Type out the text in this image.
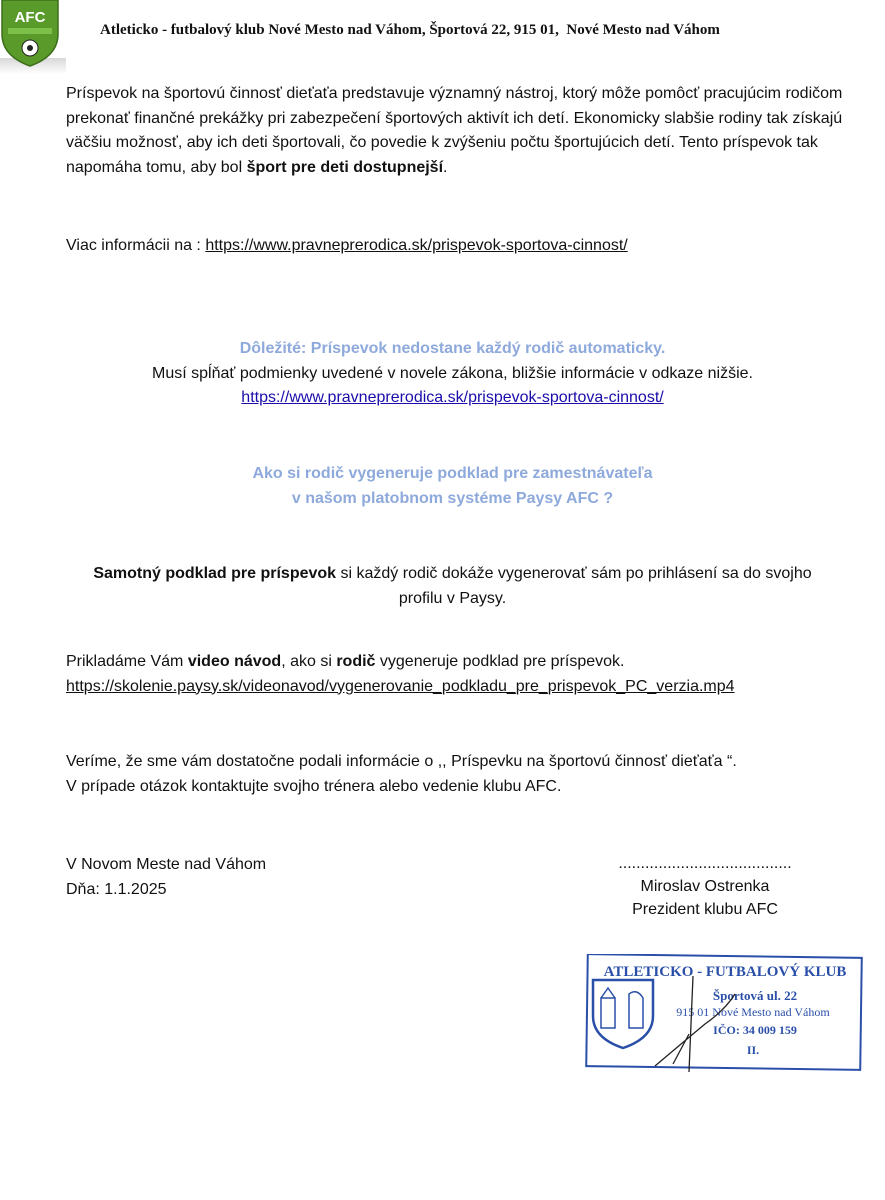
AFC
Atleticko - futbalový klub Nové Mesto nad Váhom, Športová 22, 915 01,  Nové Mesto nad Váhom
Príspevok na športovú činnosť dieťaťa predstavuje významný nástroj, ktorý môže pomôcť pracujúcim rodičom prekonať finančné prekážky pri zabezpečení športových aktivít ich detí. Ekonomicky slabšie rodiny tak získajú väčšiu možnosť, aby ich deti športovali, čo povedie k zvýšeniu počtu športujúcich detí. Tento príspevok tak napomáha tomu, aby bol šport pre deti dostupnejší.
Viac informácii na : https://www.pravneprerodica.sk/prispevok-sportova-cinnost/
Dôležité: Príspevok nedostane každý rodič automaticky.
Musí spĺňať podmienky uvedené v novele zákona, bližšie informácie v odkaze nižšie.
https://www.pravneprerodica.sk/prispevok-sportova-cinnost/
Ako si rodič vygeneruje podklad pre zamestnávateľa
v našom platobnom systéme Paysy AFC ?
Samotný podklad pre príspevok si každý rodič dokáže vygenerovať sám po prihlásení sa do svojho profilu v Paysy.
Prikladáme Vám video návod, ako si rodič vygeneruje podklad pre príspevok.
https://skolenie.paysy.sk/videonavod/vygenerovanie_podkladu_pre_prispevok_PC_verzia.mp4
Veríme, že sme vám dostatočne podali informácie o ,, Príspevku na športovú činnosť dieťaťa “.
V prípade otázok kontaktujte svojho trénera alebo vedenie klubu AFC.
V Novom Meste nad Váhom
Dňa: 1.1.2025
.......................................
Miroslav Ostrenka
Prezident klubu AFC
ATLETICKO - FUTBALOVÝ KLUB
Športová ul. 22
915 01 Nové Mesto nad Váhom
IČO: 34 009 159
II.
